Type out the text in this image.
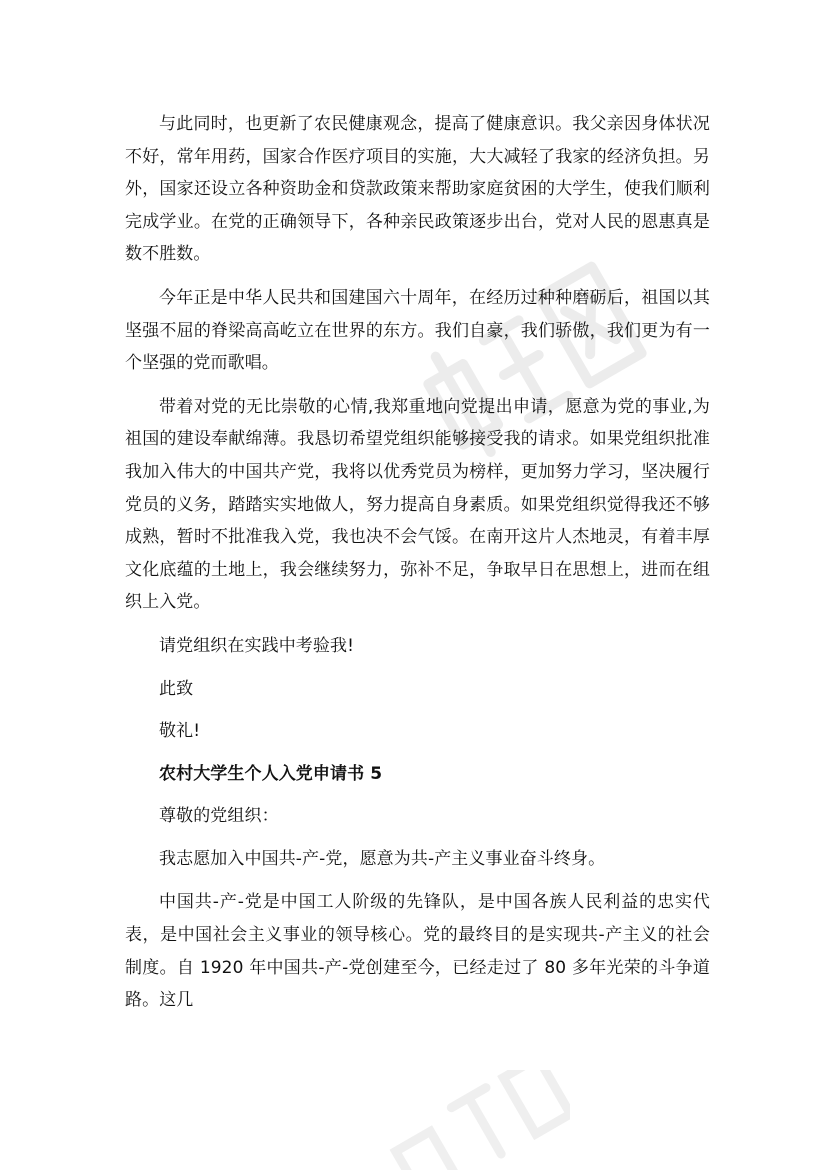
与此同时，也更新了农民健康观念，提高了健康意识。我父亲因身体状况不好，常年用药，国家合作医疗项目的实施，大大减轻了我家的经济负担。另外，国家还设立各种资助金和贷款政策来帮助家庭贫困的大学生，使我们顺利完成学业。在党的正确领导下，各种亲民政策逐步出台，党对人民的恩惠真是数不胜数。

今年正是中华人民共和国建国六十周年，在经历过种种磨砺后，祖国以其坚强不屈的脊梁高高屹立在世界的东方。我们自豪，我们骄傲，我们更为有一个坚强的党而歌唱。

带着对党的无比崇敬的心情,我郑重地向党提出申请，愿意为党的事业,为祖国的建设奉献绵薄。我恳切希望党组织能够接受我的请求。如果党组织批准我加入伟大的中国共产党，我将以优秀党员为榜样，更加努力学习，坚决履行党员的义务，踏踏实实地做人，努力提高自身素质。如果党组织觉得我还不够成熟，暂时不批准我入党，我也决不会气馁。在南开这片人杰地灵，有着丰厚文化底蕴的土地上，我会继续努力，弥补不足，争取早日在思想上，进而在组织上入党。

请党组织在实践中考验我!

此致

敬礼!

农村大学生个人入党申请书 5

尊敬的党组织：

我志愿加入中国共-产-党，愿意为共-产主义事业奋斗终身。

中国共-产-党是中国工人阶级的先锋队，是中国各族人民利益的忠实代表，是中国社会主义事业的领导核心。党的最终目的是实现共-产主义的社会制度。自 1920 年中国共-产-党创建至今，已经走过了 80 多年光荣的斗争道路。这几
